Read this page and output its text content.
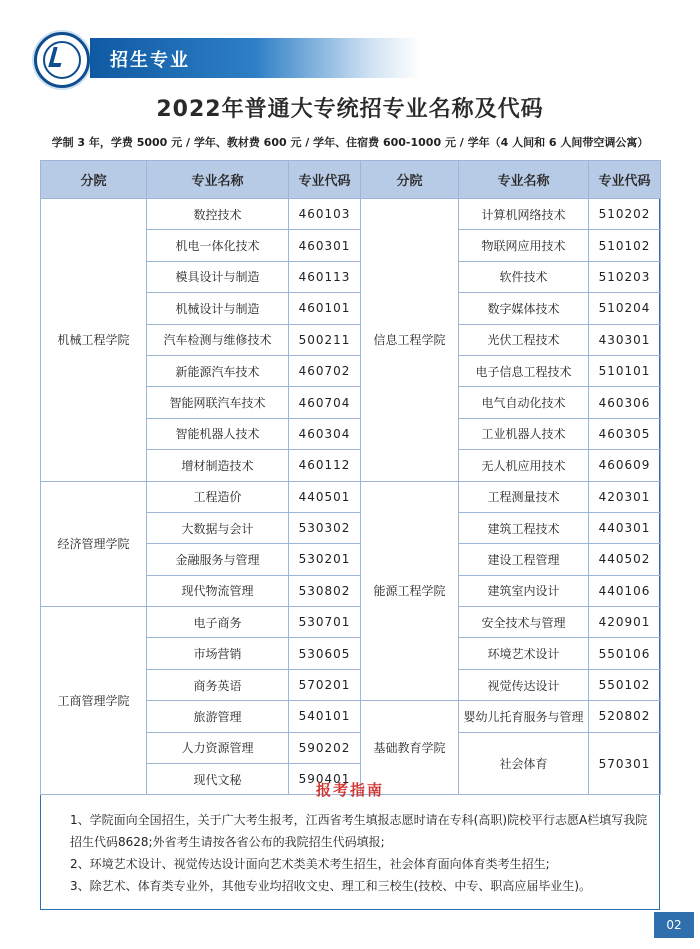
招生专业
2022年普通大专统招专业名称及代码
学制 3 年，学费 5000 元 / 学年、教材费 600 元 / 学年、住宿费 600-1000 元 / 学年（4 人间和 6 人间带空调公寓）
分院	专业名称	专业代码	分院	专业名称	专业代码
机械工程学院	数控技术	460103	信息工程学院	计算机网络技术	510202
	机电一体化技术	460301		物联网应用技术	510102
	模具设计与制造	460113		软件技术	510203
	机械设计与制造	460101		数字媒体技术	510204
	汽车检测与维修技术	500211		光伏工程技术	430301
	新能源汽车技术	460702		电子信息工程技术	510101
	智能网联汽车技术	460704		电气自动化技术	460306
	智能机器人技术	460304		工业机器人技术	460305
	增材制造技术	460112		无人机应用技术	460609
经济管理学院	工程造价	440501	能源工程学院	工程测量技术	420301
	大数据与会计	530302		建筑工程技术	440301
	金融服务与管理	530201		建设工程管理	440502
	现代物流管理	530802		建筑室内设计	440106
工商管理学院	电子商务	530701		安全技术与管理	420901
	市场营销	530605		环境艺术设计	550106
	商务英语	570201		视觉传达设计	550102
	旅游管理	540101	基础教育学院	婴幼儿托育服务与管理	520802
	人力资源管理	590202		社会体育	570301
	现代文秘	590401			
报考指南
1、学院面向全国招生，关于广大考生报考，江西省考生填报志愿时请在专科(高职)院校平行志愿A栏填写我院招生代码8628;外省考生请按各省公布的我院招生代码填报;
2、环境艺术设计、视觉传达设计面向艺术类美术考生招生，社会体育面向体育类考生招生;
3、除艺术、体育类专业外，其他专业均招收文史、理工和三校生(技校、中专、职高应届毕业生)。
02
